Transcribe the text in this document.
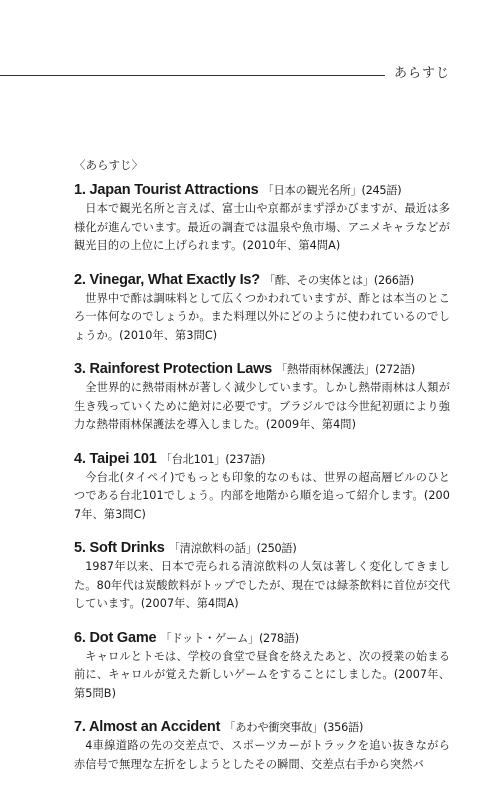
あらすじ
〈あらすじ〉
1. Japan Tourist Attractions 「日本の観光名所」(245語)

日本で観光名所と言えば、富士山や京都がまず浮かびますが、最近は多様化が進んでいます。最近の調査では温泉や魚市場、アニメキャラなどが観光目的の上位に上げられます。(2010年、第4問A)

2. Vinegar, What Exactly Is? 「酢、その実体とは」(266語)

世界中で酢は調味料として広くつかわれていますが、酢とは本当のところ一体何なのでしょうか。また料理以外にどのように使われているのでしょうか。(2010年、第3問C)

3. Rainforest Protection Laws 「熱帯雨林保護法」(272語)

全世界的に熱帯雨林が著しく減少しています。しかし熱帯雨林は人類が生き残っていくために絶対に必要です。ブラジルでは今世紀初頭により強力な熱帯雨林保護法を導入しました。(2009年、第4問)

4. Taipei 101 「台北101」(237語)

今台北(タイペイ)でもっとも印象的なのもは、世界の超高層ビルのひとつである台北101でしょう。内部を地階から順を追って紹介します。(2007年、第3問C)

5. Soft Drinks 「清涼飲料の話」(250語)

1987年以来、日本で売られる清涼飲料の人気は著しく変化してきました。80年代は炭酸飲料がトップでしたが、現在では緑茶飲料に首位が交代しています。(2007年、第4問A)

6. Dot Game 「ドット・ゲーム」(278語)

キャロルとトモは、学校の食堂で昼食を終えたあと、次の授業の始まる前に、キャロルが覚えた新しいゲームをすることにしました。(2007年、第5問B)

7. Almost an Accident 「あわや衝突事故」(356語)

4車線道路の先の交差点で、スポーツカーがトラックを追い抜きながら赤信号で無理な左折をしようとしたその瞬間、交差点右手から突然バ
